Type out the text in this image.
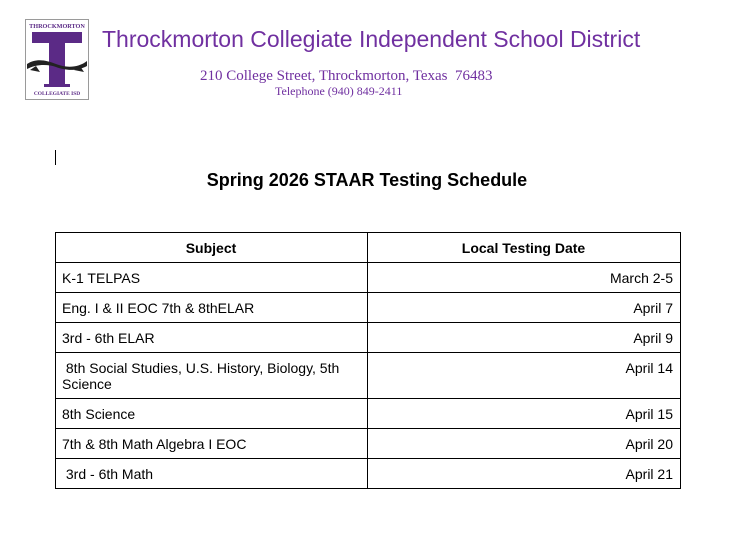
THROCKMORTON
COLLEGIATE ISD
Throckmorton Collegiate Independent School District
210 College Street, Throckmorton, Texas  76483
Telephone (940) 849-2411
Spring 2026 STAAR Testing Schedule
Subject	Local Testing Date
K-1 TELPAS	March 2-5
Eng. I & II EOC 7th & 8thELAR	April 7
3rd - 6th ELAR	April 9
8th Social Studies, U.S. History, Biology, 5th Science	April 14
8th Science	April 15
7th & 8th Math Algebra I EOC	April 20
3rd - 6th Math	April 21
